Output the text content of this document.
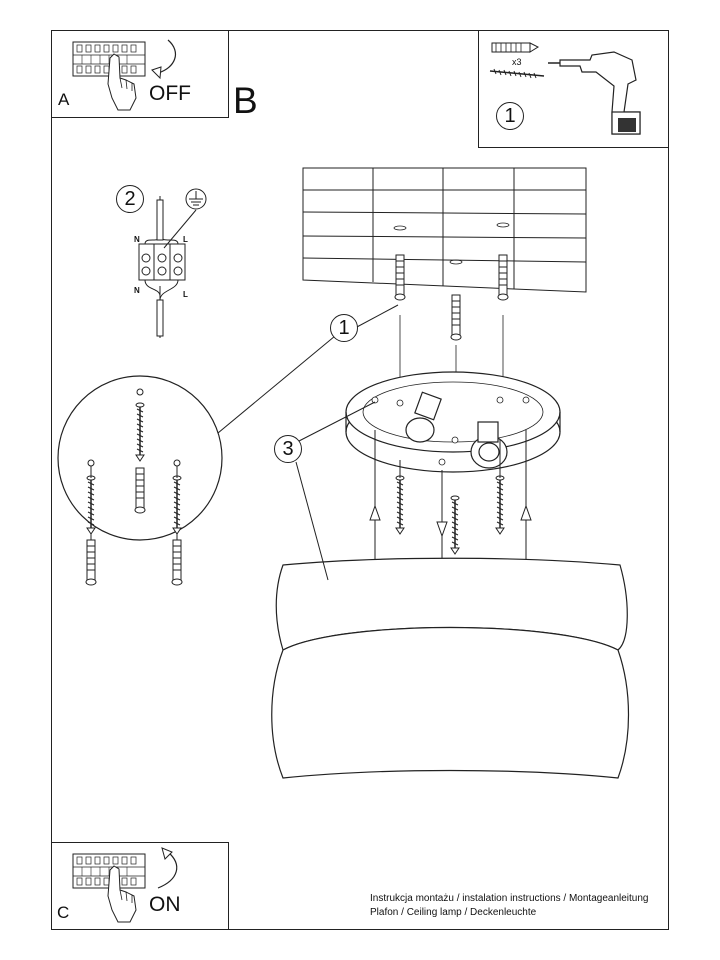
A	OFF
C	ON
B
x3
1
2
1
3
N	L
N	L
Instrukcja montażu / instalation instructions / Montageanleitung
Plafon / Ceiling lamp / Deckenleuchte
